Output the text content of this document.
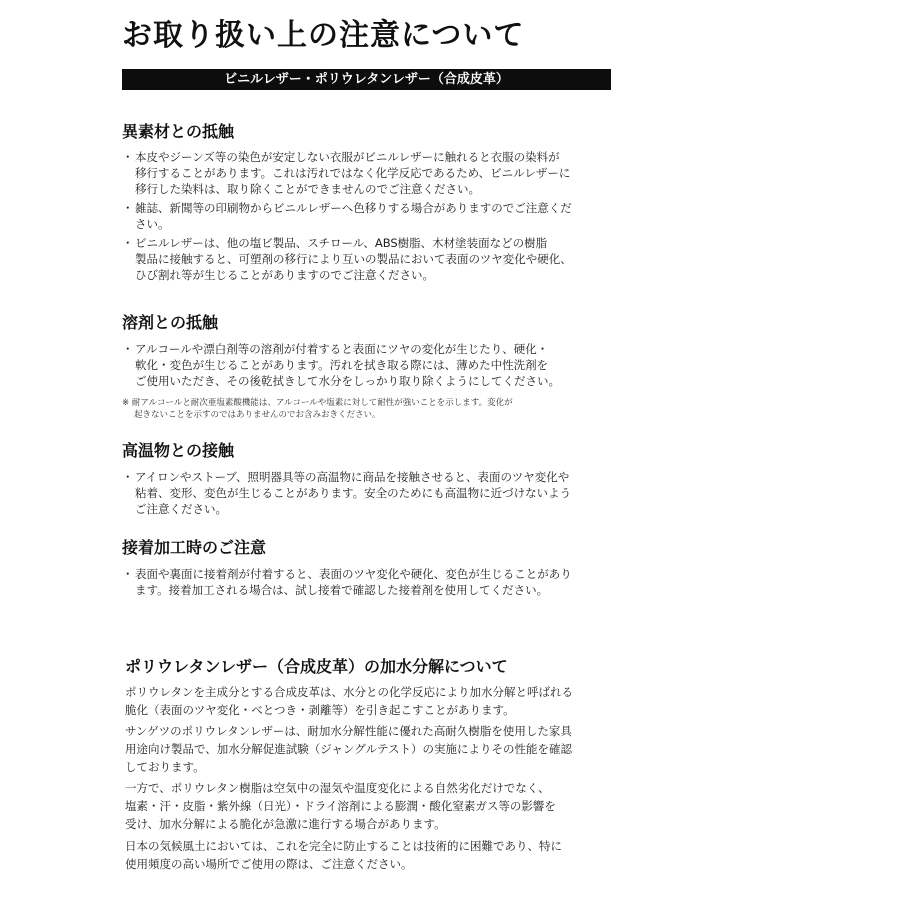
お取り扱い上の注意について
ビニルレザー・ポリウレタンレザー（合成皮革）
異素材との抵触
・ 本皮やジーンズ等の染色が安定しない衣服がビニルレザーに触れると衣服の染料が
移行することがあります。これは汚れではなく化学反応であるため、ビニルレザーに
移行した染料は、取り除くことができませんのでご注意ください。
・ 雑誌、新聞等の印刷物からビニルレザーへ色移りする場合がありますのでご注意くだ
さい。
・ ビニルレザーは、他の塩ビ製品、スチロール、ABS樹脂、木材塗装面などの樹脂
製品に接触すると、可塑剤の移行により互いの製品において表面のツヤ変化や硬化、
ひび割れ等が生じることがありますのでご注意ください。
溶剤との抵触
・ アルコールや漂白剤等の溶剤が付着すると表面にツヤの変化が生じたり、硬化・
軟化・変色が生じることがあります。汚れを拭き取る際には、薄めた中性洗剤を
ご使用いただき、その後乾拭きして水分をしっかり取り除くようにしてください。
※ 耐アルコールと耐次亜塩素酸機能は、アルコールや塩素に対して耐性が強いことを示します。変化が
起きないことを示すのではありませんのでお含みおきください。
高温物との接触
・ アイロンやストーブ、照明器具等の高温物に商品を接触させると、表面のツヤ変化や
粘着、変形、変色が生じることがあります。安全のためにも高温物に近づけないよう
ご注意ください。
接着加工時のご注意
・ 表面や裏面に接着剤が付着すると、表面のツヤ変化や硬化、変色が生じることがあり
ます。接着加工される場合は、試し接着で確認した接着剤を使用してください。
ポリウレタンレザー（合成皮革）の加水分解について
ポリウレタンを主成分とする合成皮革は、水分との化学反応により加水分解と呼ばれる
脆化（表面のツヤ変化・べとつき・剥離等）を引き起こすことがあります。
サンゲツのポリウレタンレザーは、耐加水分解性能に優れた高耐久樹脂を使用した家具
用途向け製品で、加水分解促進試験（ジャングルテスト）の実施によりその性能を確認
しております。
一方で、ポリウレタン樹脂は空気中の湿気や温度変化による自然劣化だけでなく、
塩素・汗・皮脂・紫外線（日光）・ドライ溶剤による膨潤・酸化窒素ガス等の影響を
受け、加水分解による脆化が急激に進行する場合があります。
日本の気候風土においては、これを完全に防止することは技術的に困難であり、特に
使用頻度の高い場所でご使用の際は、ご注意ください。
